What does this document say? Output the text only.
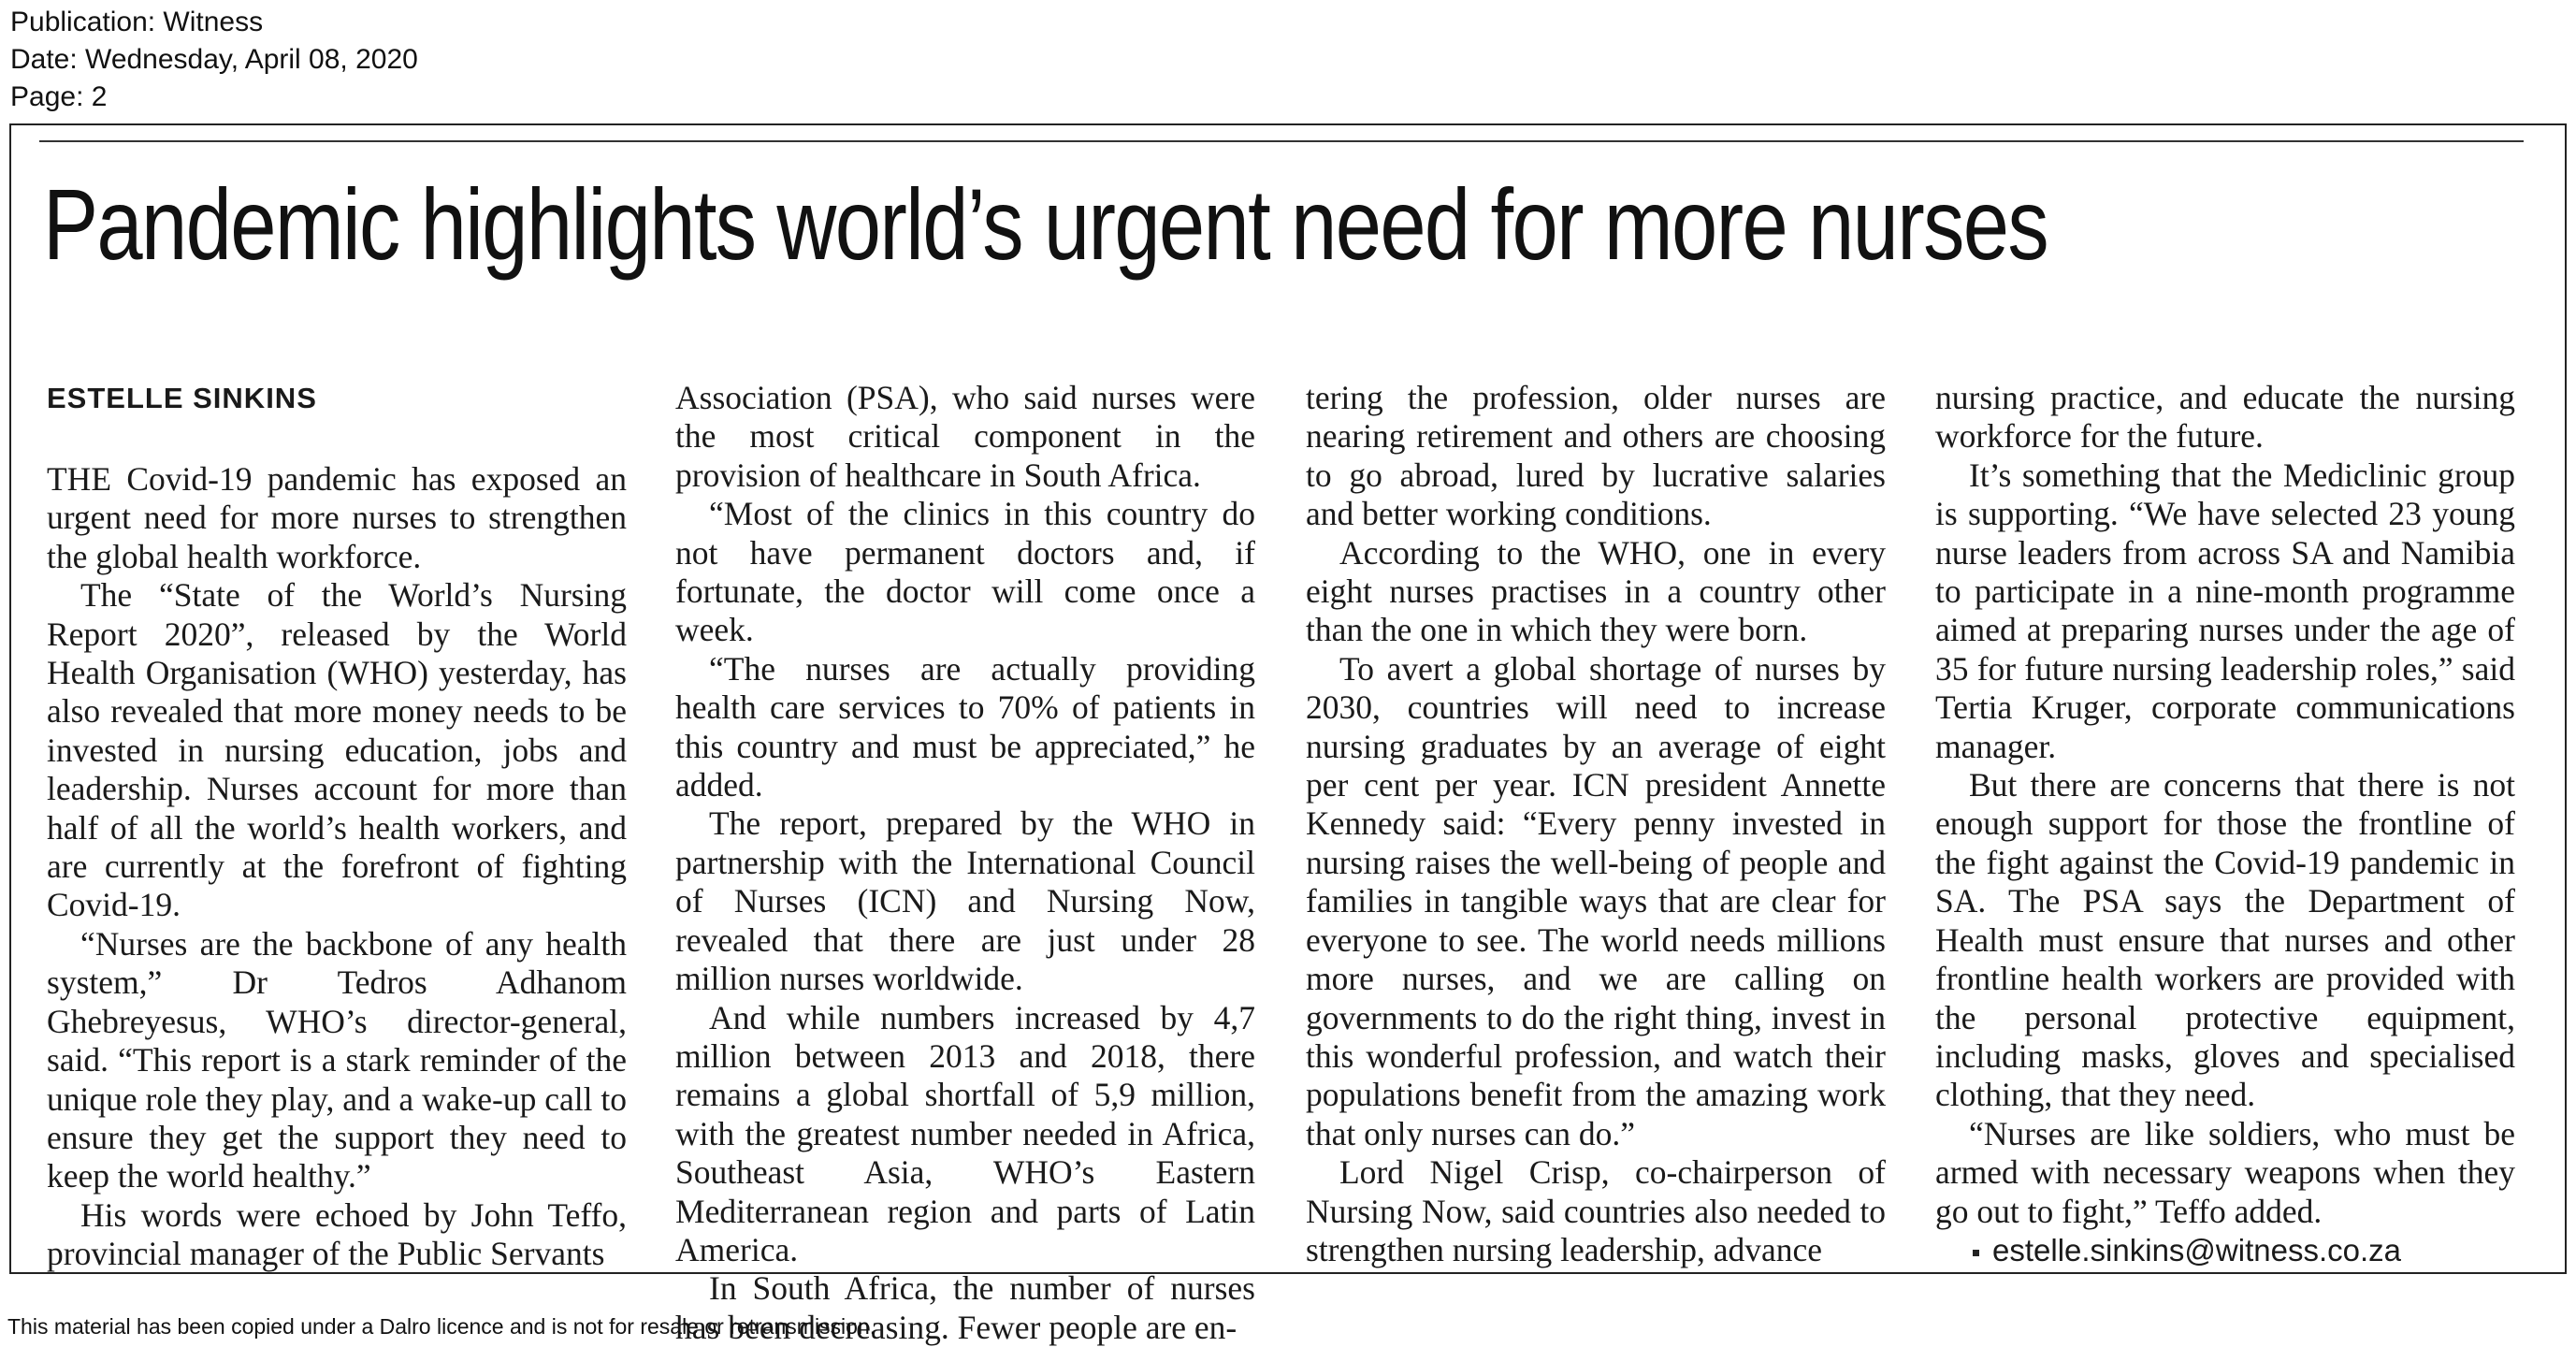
Publication: Witness
Date: Wednesday, April 08, 2020
Page: 2
Pandemic highlights world’s urgent need for more nurses
ESTELLE SINKINS

THE Covid-19 pandemic has exposed an urgent need for more nurses to strengthen the global health workforce.

The “State of the World’s Nursing Report 2020”, released by the World Health Organisation (WHO) yesterday, has also revealed that more money needs to be invested in nursing education, jobs and leadership. Nurses account for more than half of all the world’s health workers, and are currently at the forefront of fighting Covid-19.

“Nurses are the backbone of any health system,” Dr Tedros Adhanom Ghebreyesus, WHO’s director-general, said. “This report is a stark reminder of the unique role they play, and a wake-up call to ensure they get the support they need to keep the world healthy.”

His words were echoed by John Teffo, provincial manager of the Public Servants

Association (PSA), who said nurses were the most critical component in the provision of healthcare in South Africa.

“Most of the clinics in this country do not have permanent doctors and, if fortunate, the doctor will come once a week.

“The nurses are actually providing health care services to 70% of patients in this country and must be appreciated,” he added.

The report, prepared by the WHO in partnership with the International Council of Nurses (ICN) and Nursing Now, revealed that there are just under 28 million nurses worldwide.

And while numbers increased by 4,7 million between 2013 and 2018, there remains a global shortfall of 5,9 million, with the greatest number needed in Africa, Southeast Asia, WHO’s Eastern Mediterranean region and parts of Latin America.

In South Africa, the number of nurses has been decreasing. Fewer people are en-

tering the profession, older nurses are nearing retirement and others are choosing to go abroad, lured by lucrative salaries and better working conditions.

According to the WHO, one in every eight nurses practises in a country other than the one in which they were born.

To avert a global shortage of nurses by 2030, countries will need to increase nursing graduates by an average of eight per cent per year. ICN president Annette Kennedy said: “Every penny invested in nursing raises the well-being of people and families in tangible ways that are clear for everyone to see. The world needs millions more nurses, and we are calling on governments to do the right thing, invest in this wonderful profession, and watch their populations benefit from the amazing work that only nurses can do.”

Lord Nigel Crisp, co-chairperson of Nursing Now, said countries also needed to strengthen nursing leadership, advance

nursing practice, and educate the nursing workforce for the future.

It’s something that the Mediclinic group is supporting. “We have selected 23 young nurse leaders from across SA and Namibia to participate in a nine-month programme aimed at preparing nurses under the age of 35 for future nursing leadership roles,” said Tertia Kruger, corporate communications manager.

But there are concerns that there is not enough support for those the frontline of the fight against the Covid-19 pandemic in SA. The PSA says the Department of Health must ensure that nurses and other frontline health workers are provided with the personal protective equipment, including masks, gloves and specialised clothing, that they need.

“Nurses are like soldiers, who must be armed with necessary weapons when they go out to fight,” Teffo added.

estelle.sinkins@witness.co.za

This material has been copied under a Dalro licence and is not for resale or retransmission.
